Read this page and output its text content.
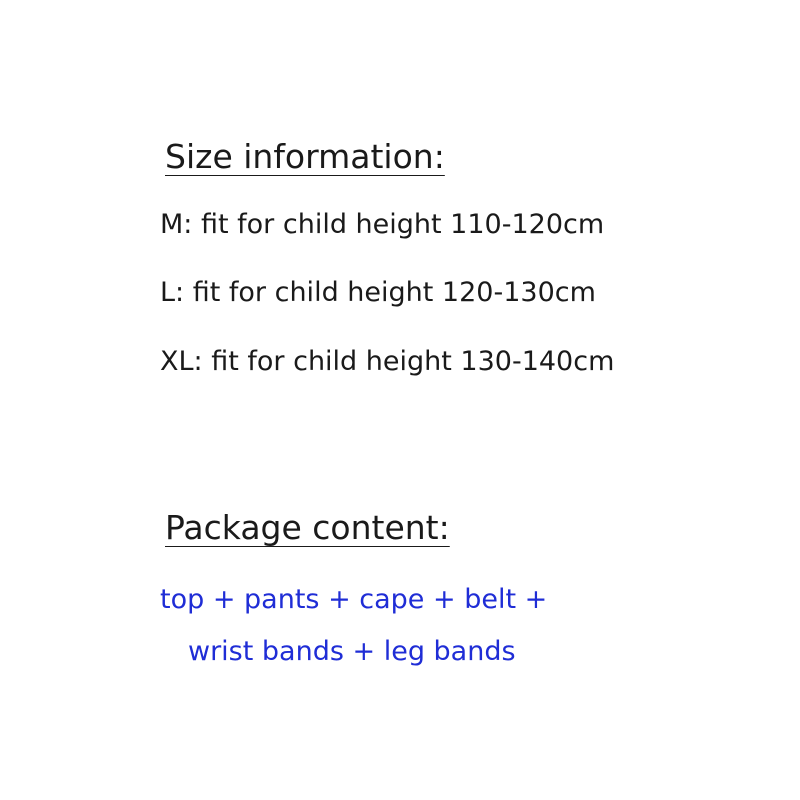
Size information:
M: fit for child height 110-120cm
L: fit for child height 120-130cm
XL: fit for child height 130-140cm
Package content:
top + pants + cape + belt +
wrist bands + leg bands
